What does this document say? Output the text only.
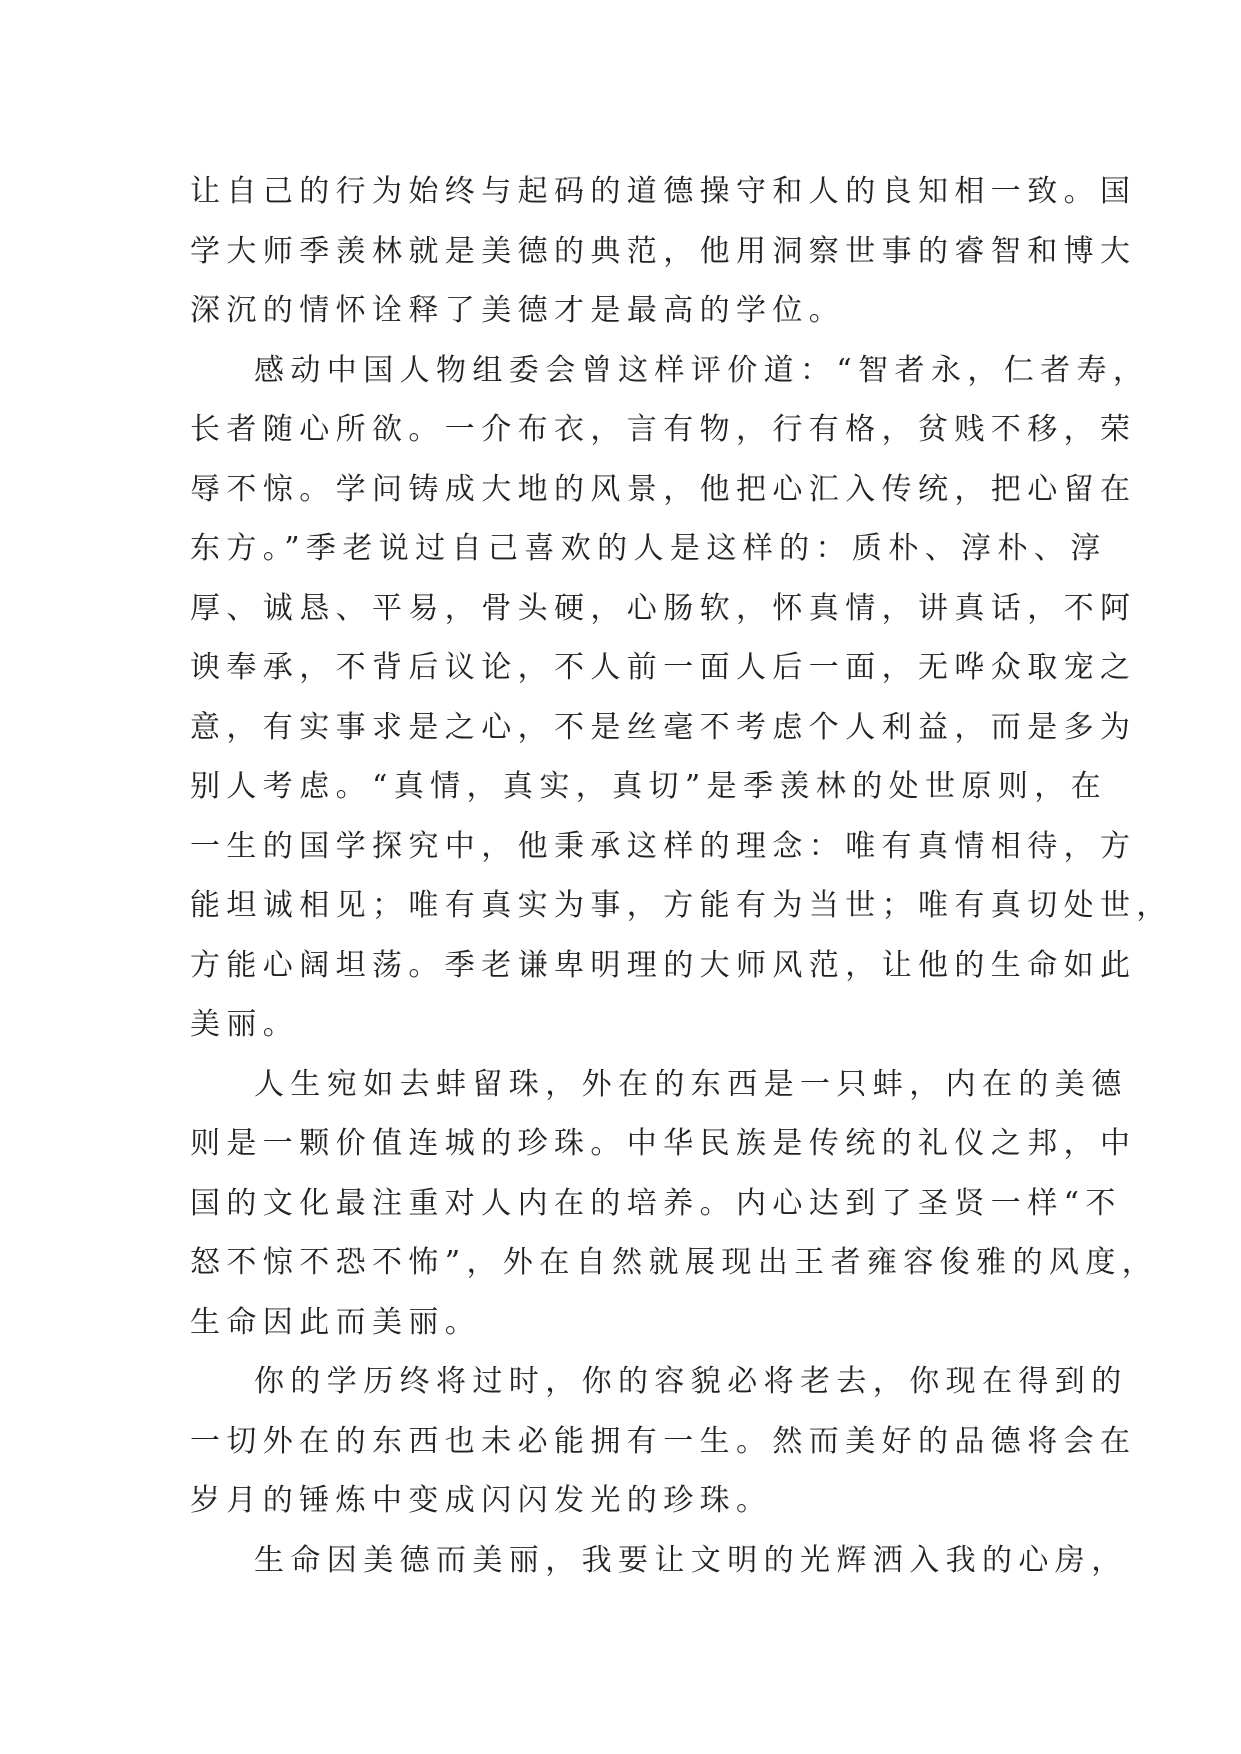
让自己的行为始终与起码的道德操守和人的良知相一致。国
学大师季羡林就是美德的典范，他用洞察世事的睿智和博大
深沉的情怀诠释了美德才是最高的学位。
感动中国人物组委会曾这样评价道：“智者永，仁者寿，
长者随心所欲。一介布衣，言有物，行有格，贫贱不移，荣
辱不惊。学问铸成大地的风景，他把心汇入传统，把心留在
东方。”季老说过自己喜欢的人是这样的：质朴、淳朴、淳
厚、诚恳、平易，骨头硬，心肠软，怀真情，讲真话，不阿
谀奉承，不背后议论，不人前一面人后一面，无哗众取宠之
意，有实事求是之心，不是丝毫不考虑个人利益，而是多为
别人考虑。“真情，真实，真切”是季羡林的处世原则，在
一生的国学探究中，他秉承这样的理念：唯有真情相待，方
能坦诚相见；唯有真实为事，方能有为当世；唯有真切处世，
方能心阔坦荡。季老谦卑明理的大师风范，让他的生命如此
美丽。
人生宛如去蚌留珠，外在的东西是一只蚌，内在的美德
则是一颗价值连城的珍珠。中华民族是传统的礼仪之邦，中
国的文化最注重对人内在的培养。内心达到了圣贤一样“不
怒不惊不恐不怖”，外在自然就展现出王者雍容俊雅的风度，
生命因此而美丽。
你的学历终将过时，你的容貌必将老去，你现在得到的
一切外在的东西也未必能拥有一生。然而美好的品德将会在
岁月的锤炼中变成闪闪发光的珍珠。
生命因美德而美丽，我要让文明的光辉洒入我的心房，
